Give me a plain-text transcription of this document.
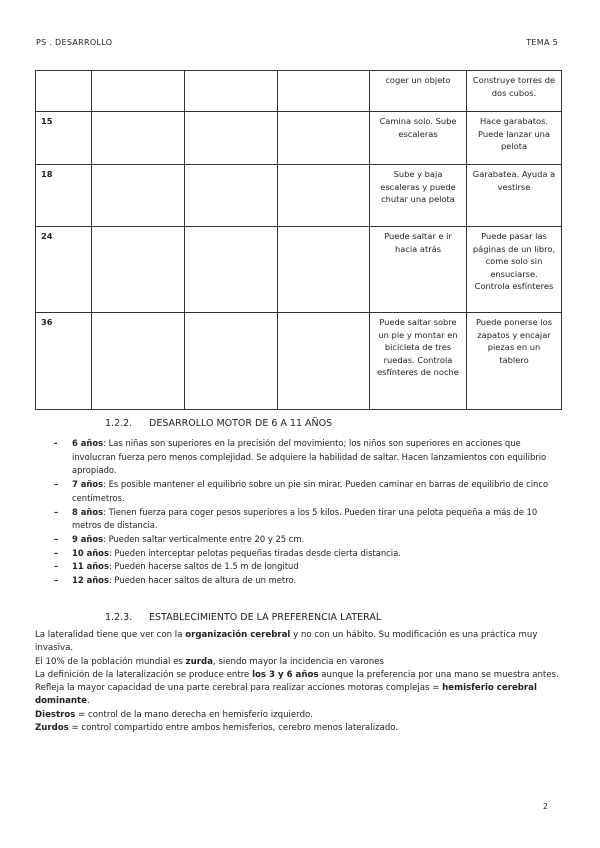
PS . DESARROLLO	TEMA 5
				coger un objeto	Construye torres de dos cubos.
15				Camina solo. Sube escaleras	Hace garabatos. Puede lanzar una pelota
18				Sube y baja escaleras y puede chutar una pelota	Garabatea. Ayuda a vestirse
24				Puede saltar e ir hacia atrás	Puede pasar las páginas de un libro, come solo sin ensuciarse. Controla esfínteres
36				Puede saltar sobre un pie y montar en bicicleta de tres ruedas. Controla esfínteres de noche	Puede ponerse los zapatos y encajar piezas en un tablero
1.2.2. DESARROLLO MOTOR DE 6 A 11 AÑOS
- 6 años: Las niñas son superiores en la precisión del movimiento; los niños son superiores en acciones que involucran fuerza pero menos complejidad. Se adquiere la habilidad de saltar. Hacen lanzamientos con equilibrio apropiado.
– 7 años: Es posible mantener el equilibrio sobre un pie sin mirar. Pueden caminar en barras de equilibrio de cinco centímetros.
– 8 años: Tienen fuerza para coger pesos superiores a los 5 kilos. Pueden tirar una pelota pequeña a más de 10 metros de distancia.
– 9 años: Pueden saltar verticalmente entre 20 y 25 cm.
– 10 años: Pueden interceptar pelotas pequeñas tiradas desde cierta distancia.
– 11 años: Pueden hacerse saltos de 1.5 m de longitud
– 12 años: Pueden hacer saltos de altura de un metro.
1.2.3. ESTABLECIMIENTO DE LA PREFERENCIA LATERAL

La lateralidad tiene que ver con la organización cerebral y no con un hábito. Su modificación es una práctica muy invasiva.

El 10% de la población mundial es zurda, siendo mayor la incidencia en varones

La definición de la lateralización se produce entre los 3 y 6 años aunque la preferencia por una mano se muestra antes.

Refleja la mayor capacidad de una parte cerebral para realizar acciones motoras complejas = hemisferio cerebral dominante.

Diestros = control de la mano derecha en hemisferio izquierdo.

Zurdos = control compartido entre ambos hemisferios, cerebro menos lateralizado.

2
